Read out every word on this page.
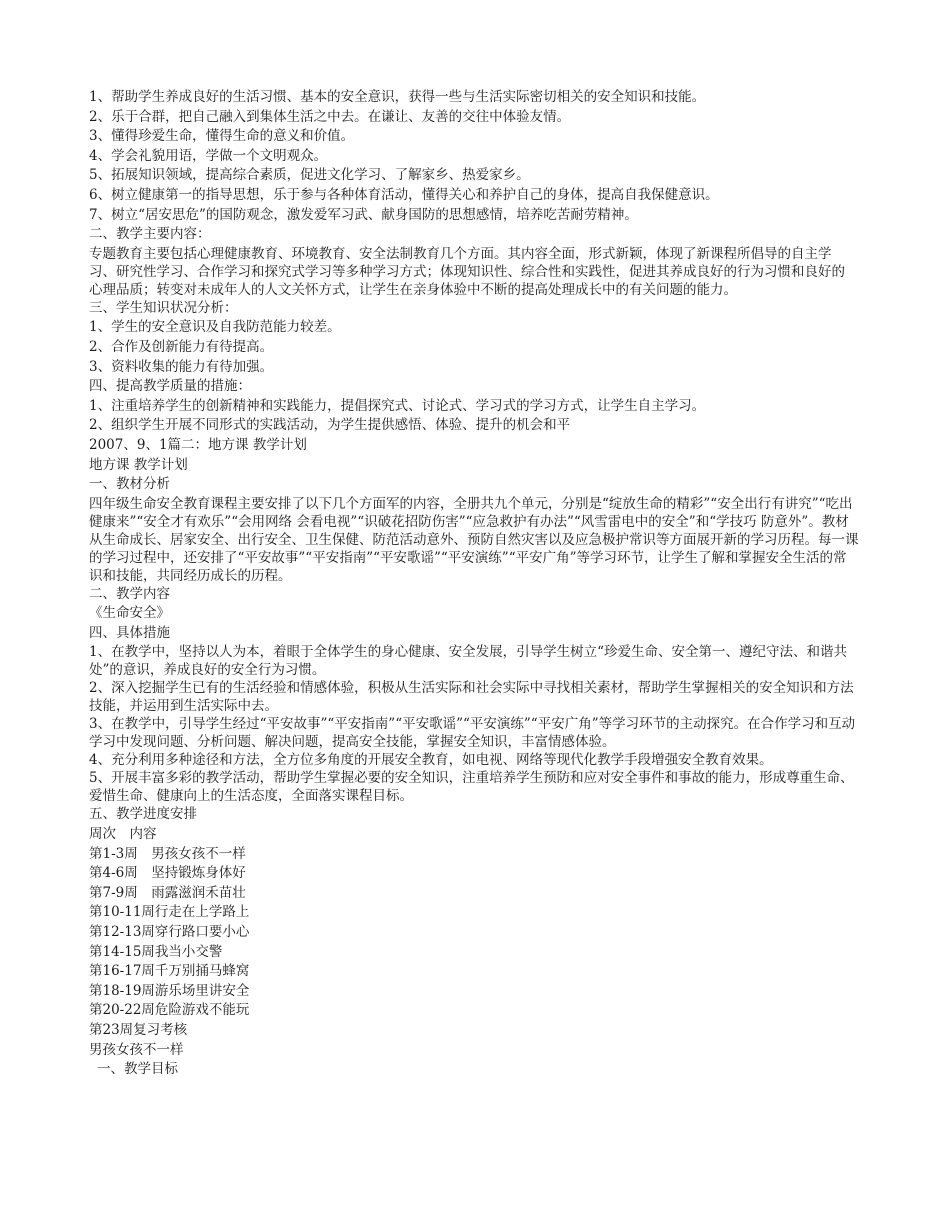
1、帮助学生养成良好的生活习惯、基本的安全意识，获得一些与生活实际密切相关的安全知识和技能。

2、乐于合群，把自己融入到集体生活之中去。在谦让、友善的交往中体验友情。

3、懂得珍爱生命，懂得生命的意义和价值。

4、学会礼貌用语，学做一个文明观众。

5、拓展知识领域，提高综合素质，促进文化学习、了解家乡、热爱家乡。

6、树立健康第一的指导思想，乐于参与各种体育活动，懂得关心和养护自己的身体，提高自我保健意识。

7、树立“居安思危”的国防观念，激发爱军习武、献身国防的思想感情，培养吃苦耐劳精神。

二、教学主要内容：

专题教育主要包括心理健康教育、环境教育、安全法制教育几个方面。其内容全面，形式新颖，体现了新课程所倡导的自主学习、研究性学习、合作学习和探究式学习等多种学习方式；体现知识性、综合性和实践性，促进其养成良好的行为习惯和良好的心理品质；转变对未成年人的人文关怀方式，让学生在亲身体验中不断的提高处理成长中的有关问题的能力。

三、学生知识状况分析：

1、学生的安全意识及自我防范能力较差。

2、合作及创新能力有待提高。

3、资料收集的能力有待加强。

四、提高教学质量的措施：

1、注重培养学生的创新精神和实践能力，提倡探究式、讨论式、学习式的学习方式，让学生自主学习。

2、组织学生开展不同形式的实践活动，为学生提供感悟、体验、提升的机会和平

2007、9、1篇二：地方课 教学计划

地方课 教学计划

一、教材分析

四年级生命安全教育课程主要安排了以下几个方面军的内容，全册共九个单元，分别是“绽放生命的精彩”“安全出行有讲究”“吃出健康来”“安全才有欢乐”“会用网络 会看电视”“识破花招防伤害”“应急救护有办法”“风雪雷电中的安全”和“学技巧 防意外”。教材从生命成长、居家安全、出行安全、卫生保健、防范活动意外、预防自然灾害以及应急极护常识等方面展开新的学习历程。每一课的学习过程中，还安排了“平安故事”“平安指南”“平安歌谣”“平安演练”“平安广角”等学习环节，让学生了解和掌握安全生活的常识和技能，共同经历成长的历程。

二、教学内容

《生命安全》

四、具体措施

1、在教学中，坚持以人为本，着眼于全体学生的身心健康、安全发展，引导学生树立“珍爱生命、安全第一、遵纪守法、和谐共处”的意识，养成良好的安全行为习惯。

2、深入挖掘学生已有的生活经验和情感体验，积极从生活实际和社会实际中寻找相关素材，帮助学生掌握相关的安全知识和方法技能，并运用到生活实际中去。

3、在教学中，引导学生经过“平安故事”“平安指南”“平安歌谣”“平安演练”“平安广角”等学习环节的主动探究。在合作学习和互动学习中发现问题、分析问题、解决问题，提高安全技能，掌握安全知识，丰富情感体验。

4、充分利用多种途径和方法，全方位多角度的开展安全教育，如电视、网络等现代化教学手段增强安全教育效果。

5、开展丰富多彩的教学活动，帮助学生掌握必要的安全知识，注重培养学生预防和应对安全事件和事故的能力，形成尊重生命、爱惜生命、健康向上的生活态度，全面落实课程目标。

五、教学进度安排

周次　内容

第1-3周　男孩女孩不一样

第4-6周　坚持锻炼身体好

第7-9周　雨露滋润禾苗壮

第10-11周行走在上学路上

第12-13周穿行路口要小心

第14-15周我当小交警

第16-17周千万别捅马蜂窝

第18-19周游乐场里讲安全

第20-22周危险游戏不能玩

第23周复习考核

男孩女孩不一样

一、教学目标
